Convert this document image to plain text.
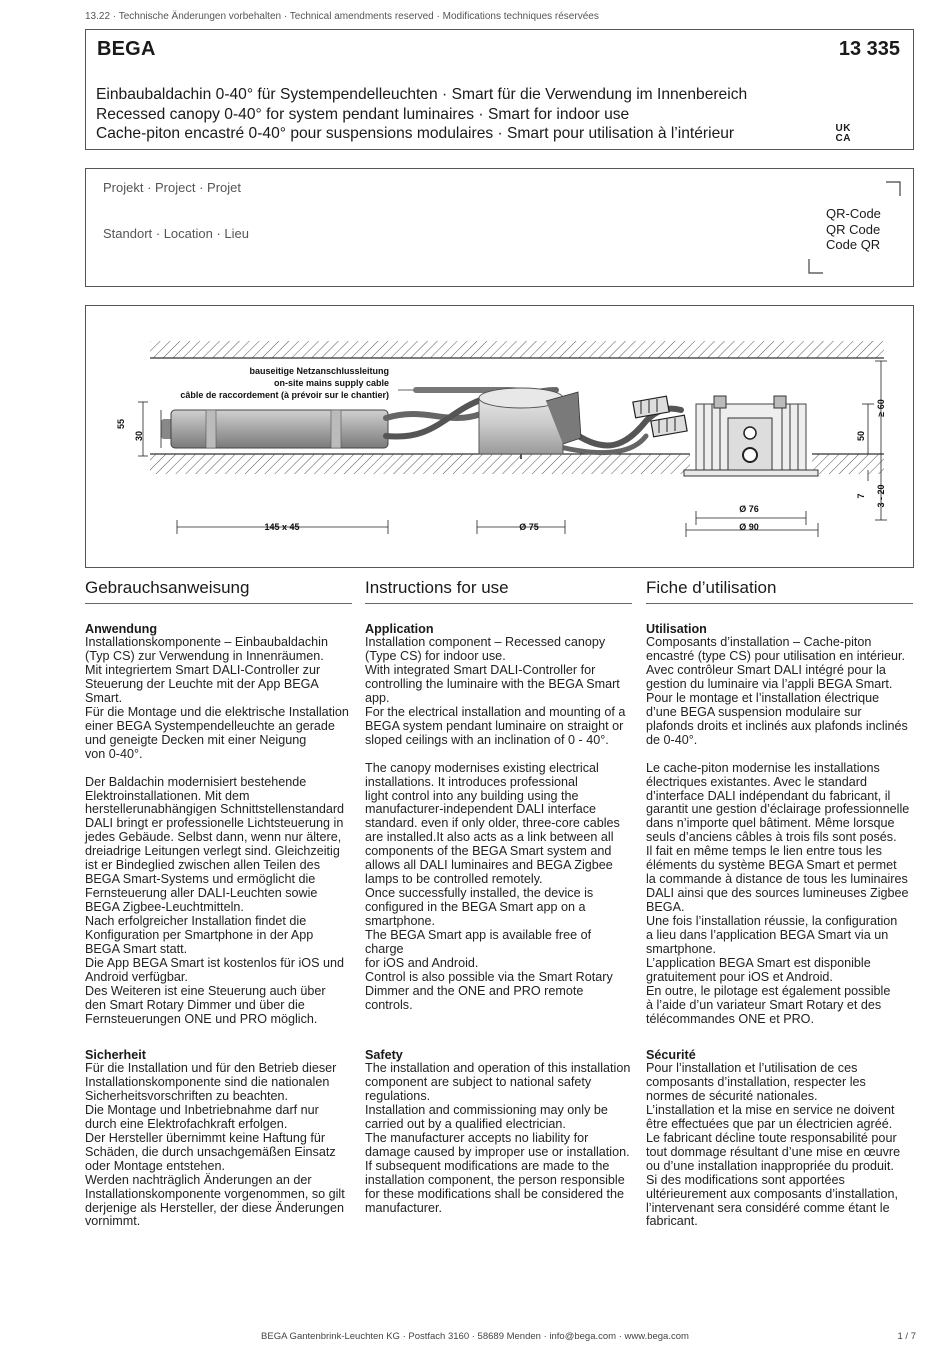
13.22 · Technische Änderungen vorbehalten · Technical amendments reserved · Modifications techniques réservées
BEGA	13 335
Einbaubaldachin 0-40° für Systempendelleuchten · Smart für die Verwendung im Innenbereich
Recessed canopy 0-40° for system pendant luminaires · Smart for indoor use
Cache-piton encastré 0-40° pour suspensions modulaires · Smart pour utilisation à l’intérieur	UK
CA
Projekt · Project · Projet
Standort · Location · Lieu
QR-Code
QR Code
Code QR
bauseitige Netzanschlussleitung
on-site mains supply cable
câble de raccordement (à prévoir sur le chantier)
55
30
145 x 45	Ø 75
Ø 76
Ø 90
50
≥ 60
7 3 - 20
Gebrauchsanweisung
Anwendung

Installationskomponente – Einbaubaldachin
(Typ CS) zur Verwendung in Innenräumen.
Mit integriertem Smart DALI-Controller zur
Steuerung der Leuchte mit der App BEGA
Smart.
Für die Montage und die elektrische Installation
einer BEGA Systempendelleuchte an gerade
und geneigte Decken mit einer Neigung
von 0-40°.

Der Baldachin modernisiert bestehende
Elektroinstallationen. Mit dem
herstellerunabhängigen Schnittstellenstandard
DALI bringt er professionelle Lichtsteuerung in
jedes Gebäude. Selbst dann, wenn nur ältere,
dreiadrige Leitungen verlegt sind. Gleichzeitig
ist er Bindeglied zwischen allen Teilen des
BEGA Smart-Systems und ermöglicht die
Fernsteuerung aller DALI-Leuchten sowie
BEGA Zigbee-Leuchtmitteln.
Nach erfolgreicher Installation findet die
Konfiguration per Smartphone in der App
BEGA Smart statt.
Die App BEGA Smart ist kostenlos für iOS und
Android verfügbar.
Des Weiteren ist eine Steuerung auch über
den Smart Rotary Dimmer und über die
Fernsteuerungen ONE und PRO möglich.

Instructions for use
Application

Installation component – Recessed canopy
(Type CS) for indoor use.
With integrated Smart DALI-Controller for
controlling the luminaire with the BEGA Smart
app.
For the electrical installation and mounting of a
BEGA system pendant luminaire on straight or
sloped ceilings with an inclination of 0 - 40°.

The canopy modernises existing electrical
installations. It introduces professional
light control into any building using the
manufacturer-independent DALI interface
standard. even if only older, three-core cables
are installed.It also acts as a link between all
components of the BEGA Smart system and
allows all DALI luminaires and BEGA Zigbee
lamps to be controlled remotely.
Once successfully installed, the device is
configured in the BEGA Smart app on a
smartphone.
The BEGA Smart app is available free of charge
for iOS and Android.
Control is also possible via the Smart Rotary
Dimmer and the ONE and PRO remote
controls.

Fiche d’utilisation
Utilisation

Composants d’installation – Cache-piton
encastré (type CS) pour utilisation en intérieur.
Avec contrôleur Smart DALI intégré pour la
gestion du luminaire via l’appli BEGA Smart.
Pour le montage et l’installation électrique
d’une BEGA suspension modulaire sur
plafonds droits et inclinés aux plafonds inclinés
de 0-40°.

Le cache-piton modernise les installations
électriques existantes. Avec le standard
d’interface DALI indépendant du fabricant, il
garantit une gestion d’éclairage professionnelle
dans n’importe quel bâtiment. Même lorsque
seuls d’anciens câbles à trois fils sont posés.
Il fait en même temps le lien entre tous les
éléments du système BEGA Smart et permet
la commande à distance de tous les luminaires
DALI ainsi que des sources lumineuses Zigbee
BEGA.
Une fois l’installation réussie, la configuration
a lieu dans l’application BEGA Smart via un
smartphone.
L’application BEGA Smart est disponible
gratuitement pour iOS et Android.
En outre, le pilotage est également possible
à l’aide d’un variateur Smart Rotary et des
télécommandes ONE et PRO.

Sicherheit

Für die Installation und für den Betrieb dieser
Installationskomponente sind die nationalen
Sicherheitsvorschriften zu beachten.
Die Montage und Inbetriebnahme darf nur
durch eine Elektrofachkraft erfolgen.
Der Hersteller übernimmt keine Haftung für
Schäden, die durch unsachgemäßen Einsatz
oder Montage entstehen.
Werden nachträglich Änderungen an der
Installationskomponente vorgenommen, so gilt
derjenige als Hersteller, der diese Änderungen
vornimmt.

Safety

The installation and operation of this installation
component are subject to national safety
regulations.
Installation and commissioning may only be
carried out by a qualified electrician.
The manufacturer accepts no liability for
damage caused by improper use or installation.
If subsequent modifications are made to the
installation component, the person responsible
for these modifications shall be considered the
manufacturer.

Sécurité

Pour l’installation et l’utilisation de ces
composants d’installation, respecter les
normes de sécurité nationales.
L’installation et la mise en service ne doivent
être effectuées que par un électricien agréé.
Le fabricant décline toute responsabilité pour
tout dommage résultant d’une mise en œuvre
ou d’une installation inappropriée du produit.
Si des modifications sont apportées
ultérieurement aux composants d’installation,
l’intervenant sera considéré comme étant le
fabricant.

BEGA Gantenbrink-Leuchten KG · Postfach 3160 · 58689 Menden · info@bega.com · www.bega.com	1 / 7
